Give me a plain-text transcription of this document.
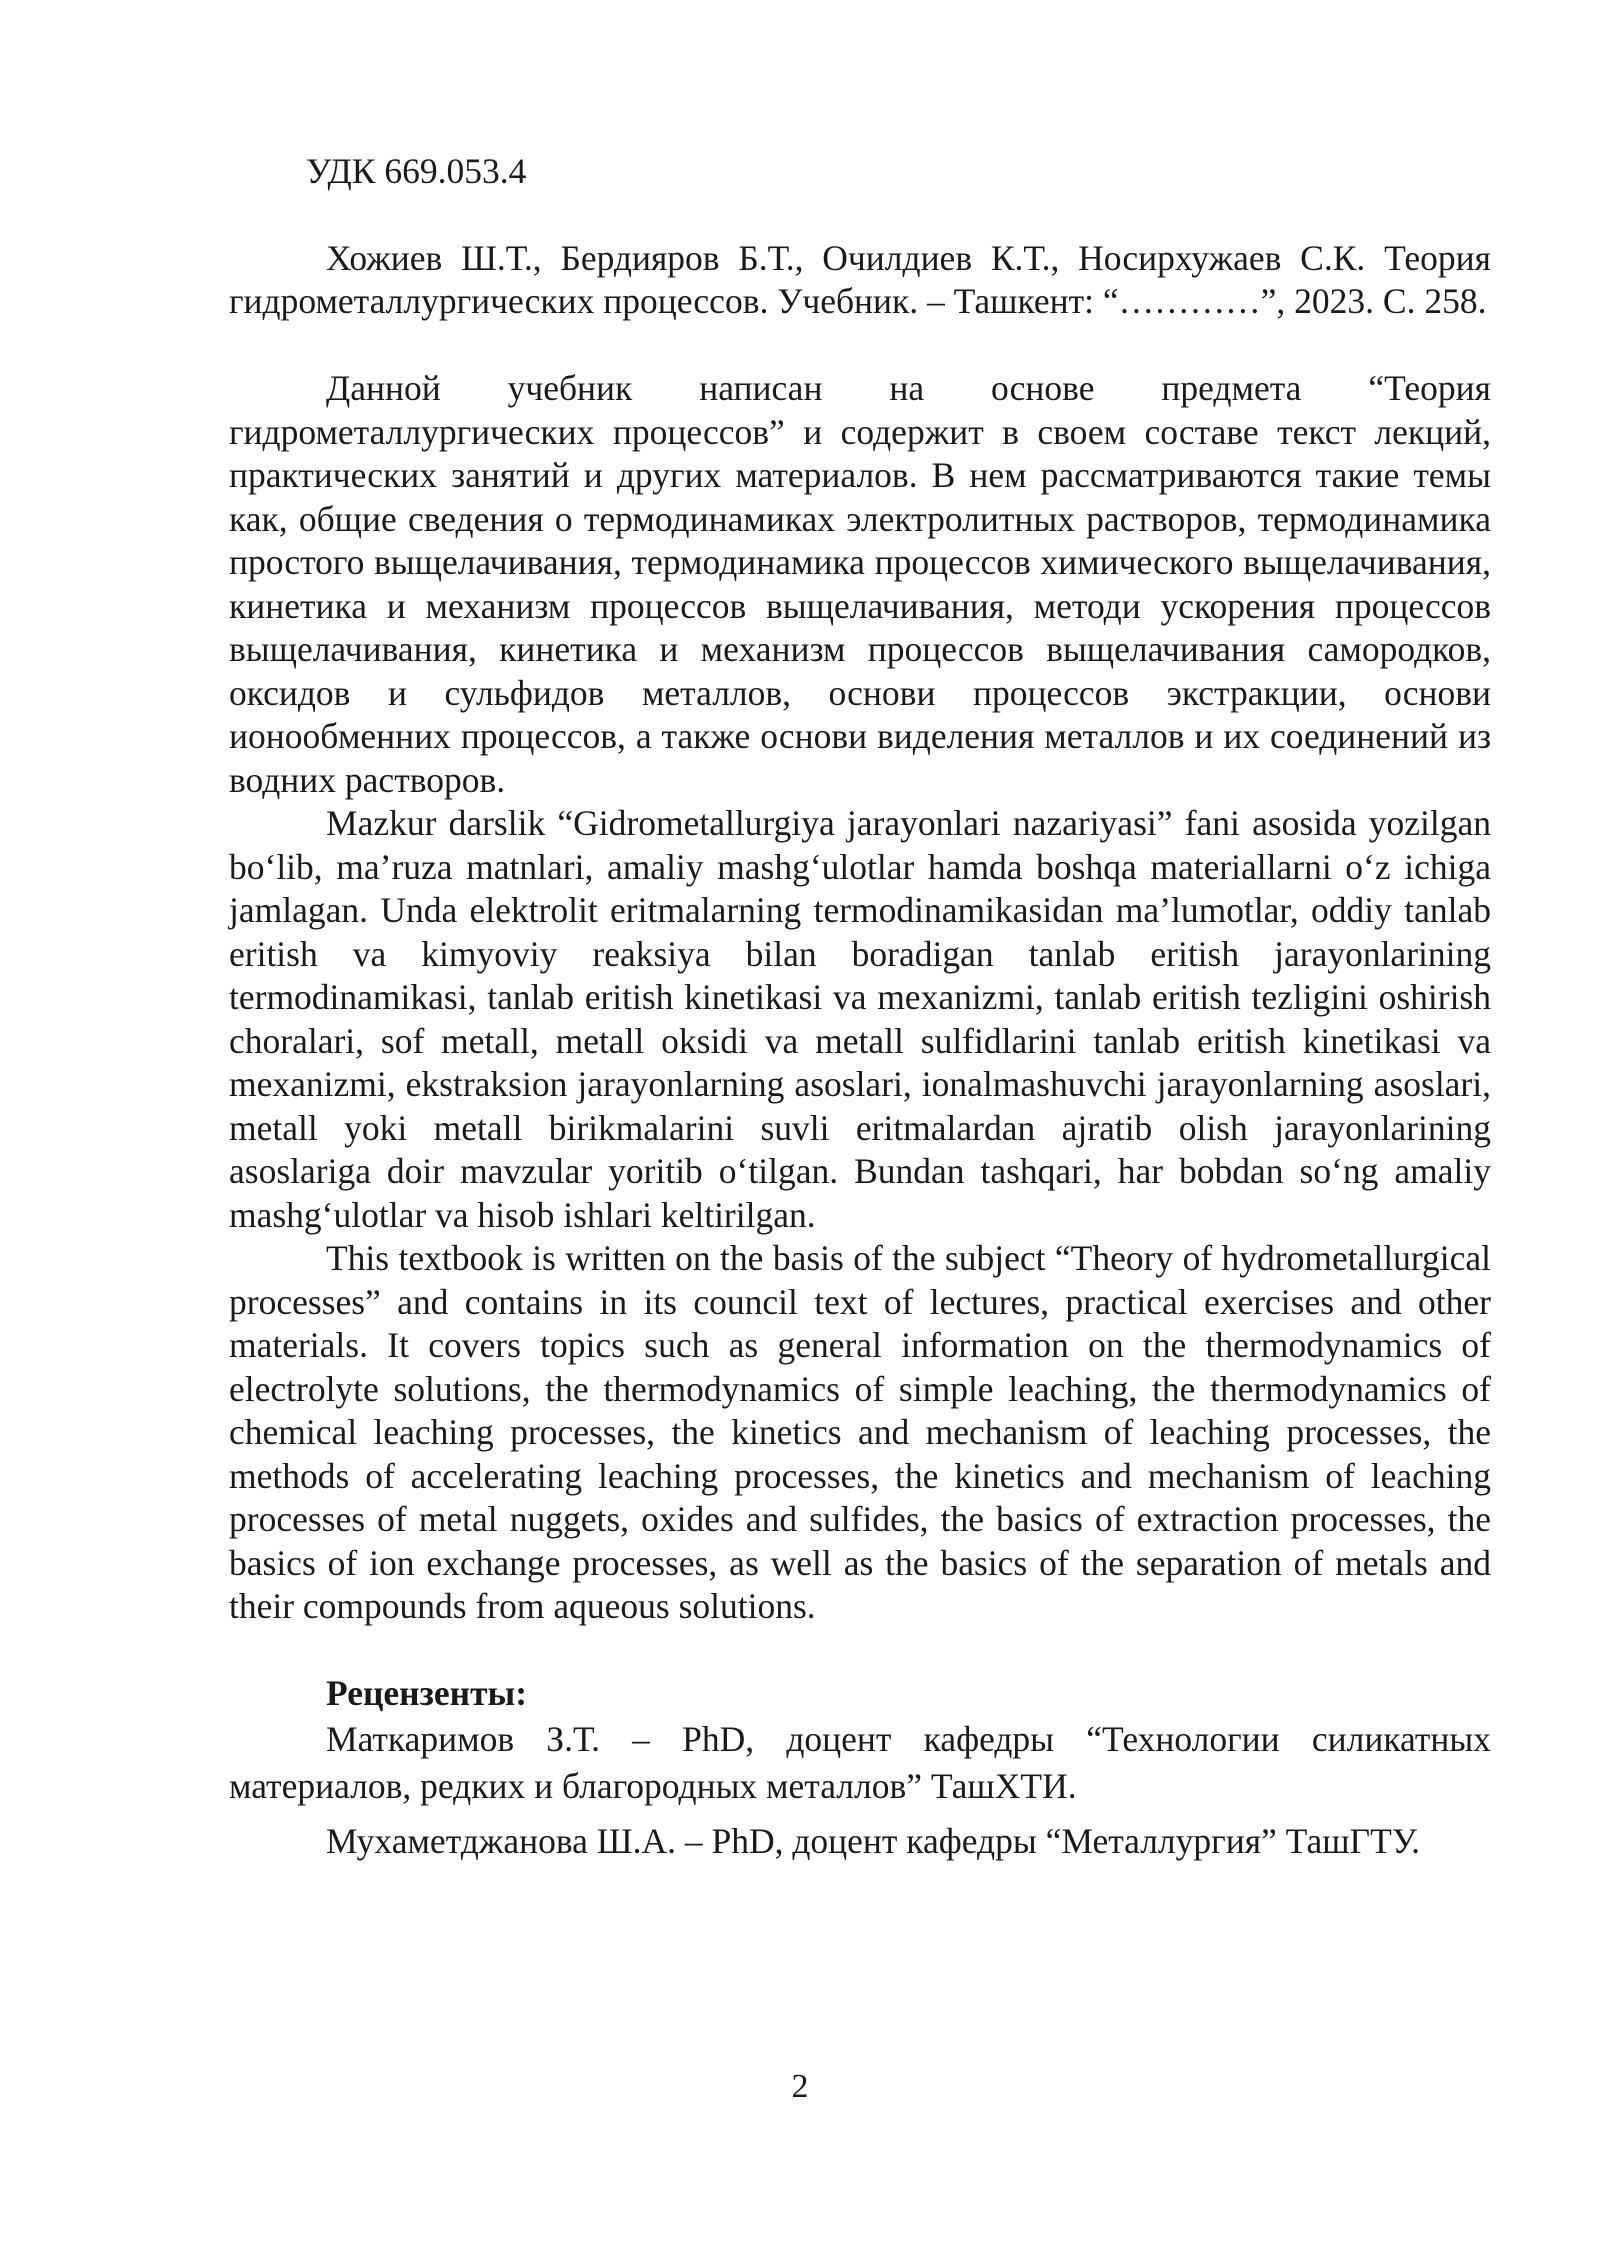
УДК 669.053.4

Хожиев Ш.Т., Бердияров Б.Т., Очилдиев К.Т., Носирхужаев С.К. Теория гидрометаллургических процессов. Учебник. – Ташкент: “…………”, 2023. С. 258.

Данной учебник написан на основе предмета “Теория гидрометаллургических процессов” и содержит в своем составе текст лекций, практических занятий и других материалов. В нем рассматриваются такие темы как, общие сведения о термодинамиках электролитных растворов, термодинамика простого выщелачивания, термодинамика процессов химического выщелачивания, кинетика и механизм процессов выщелачивания, методи ускорения процессов выщелачивания, кинетика и механизм процессов выщелачивания самородков, оксидов и сульфидов металлов, основи процессов экстракции, основи ионообменних процессов, а также основи виделения металлов и их соединений из водних растворов.

Mazkur darslik “Gidrometallurgiya jarayonlari nazariyasi” fani asosida yozilgan bo‘lib, ma’ruza matnlari, amaliy mashg‘ulotlar hamda boshqa materiallarni o‘z ichiga jamlagan. Unda elektrolit eritmalarning termodinamikasidan ma’lumotlar, oddiy tanlab eritish va kimyoviy reaksiya bilan boradigan tanlab eritish jarayonlarining termodinamikasi, tanlab eritish kinetikasi va mexanizmi, tanlab eritish tezligini oshirish choralari, sof metall, metall oksidi va metall sulfidlarini tanlab eritish kinetikasi va mexanizmi, ekstraksion jarayonlarning asoslari, ionalmashuvchi jarayonlarning asoslari, metall yoki metall birikmalarini suvli eritmalardan ajratib olish jarayonlarining asoslariga doir mavzular yoritib o‘tilgan. Bundan tashqari, har bobdan so‘ng amaliy mashg‘ulotlar va hisob ishlari keltirilgan.

This textbook is written on the basis of the subject “Theory of hydrometallurgical processes” and contains in its council text of lectures, practical exercises and other materials. It covers topics such as general information on the thermodynamics of electrolyte solutions, the thermodynamics of simple leaching, the thermodynamics of chemical leaching processes, the kinetics and mechanism of leaching processes, the methods of accelerating leaching processes, the kinetics and mechanism of leaching processes of metal nuggets, oxides and sulfides, the basics of extraction processes, the basics of ion exchange processes, as well as the basics of the separation of metals and their compounds from aqueous solutions.

Рецензенты:

Маткаримов З.Т. – PhD, доцент кафедры “Технологии силикатных материалов, редких и благородных металлов” ТашХТИ.

Мухаметджанова Ш.А. – PhD, доцент кафедры “Металлургия” ТашГТУ.

2
